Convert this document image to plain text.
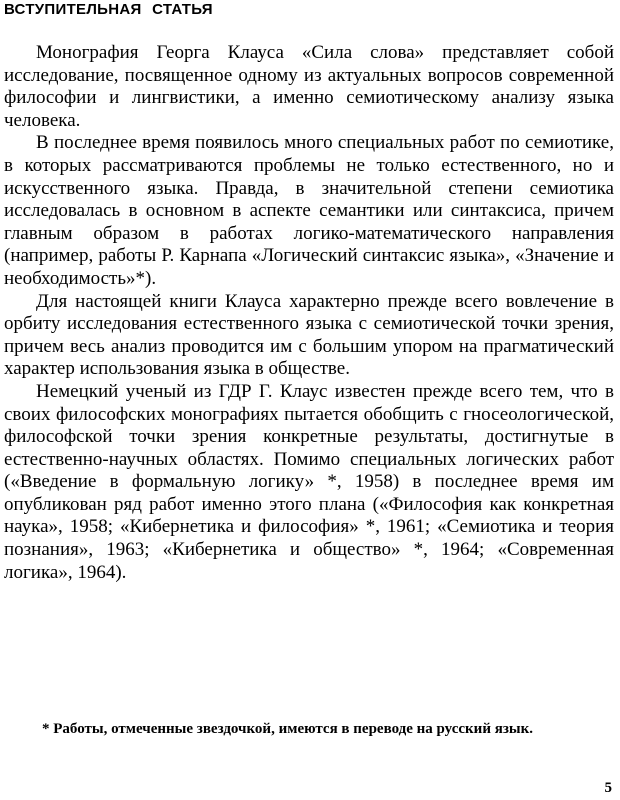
ВСТУПИТЕЛЬНАЯ СТАТЬЯ

Монография Георга Клауса «Сила слова» представляет собой исследование, посвященное одному из актуальных вопросов современной философии и лингвистики, а именно семиотическому анализу языка человека.

В последнее время появилось много специальных работ по семиотике, в которых рассматриваются проблемы не только естественного, но и искусственного языка. Правда, в значительной степени семиотика исследовалась в основном в аспекте семантики или синтаксиса, причем главным образом в работах логико-математического направления (например, работы Р. Карнапа «Логический синтаксис языка», «Значение и необходимость»*).

Для настоящей книги Клауса характерно прежде всего вовлечение в орбиту исследования естественного языка с семиотической точки зрения, причем весь анализ проводится им с большим упором на прагматический характер использования языка в обществе.

Немецкий ученый из ГДР Г. Клаус известен прежде всего тем, что в своих философских монографиях пытается обобщить с гносеологической, философской точки зрения конкретные результаты, достигнутые в естественно-научных областях. Помимо специальных логических работ («Введение в формальную логику» *, 1958) в последнее время им опубликован ряд работ именно этого плана («Философия как конкретная наука», 1958; «Кибернетика и философия» *, 1961; «Семиотика и теория познания», 1963; «Кибернетика и общество» *, 1964; «Современная логика», 1964).

* Работы, отмеченные звездочкой, имеются в переводе на русский язык.

5
